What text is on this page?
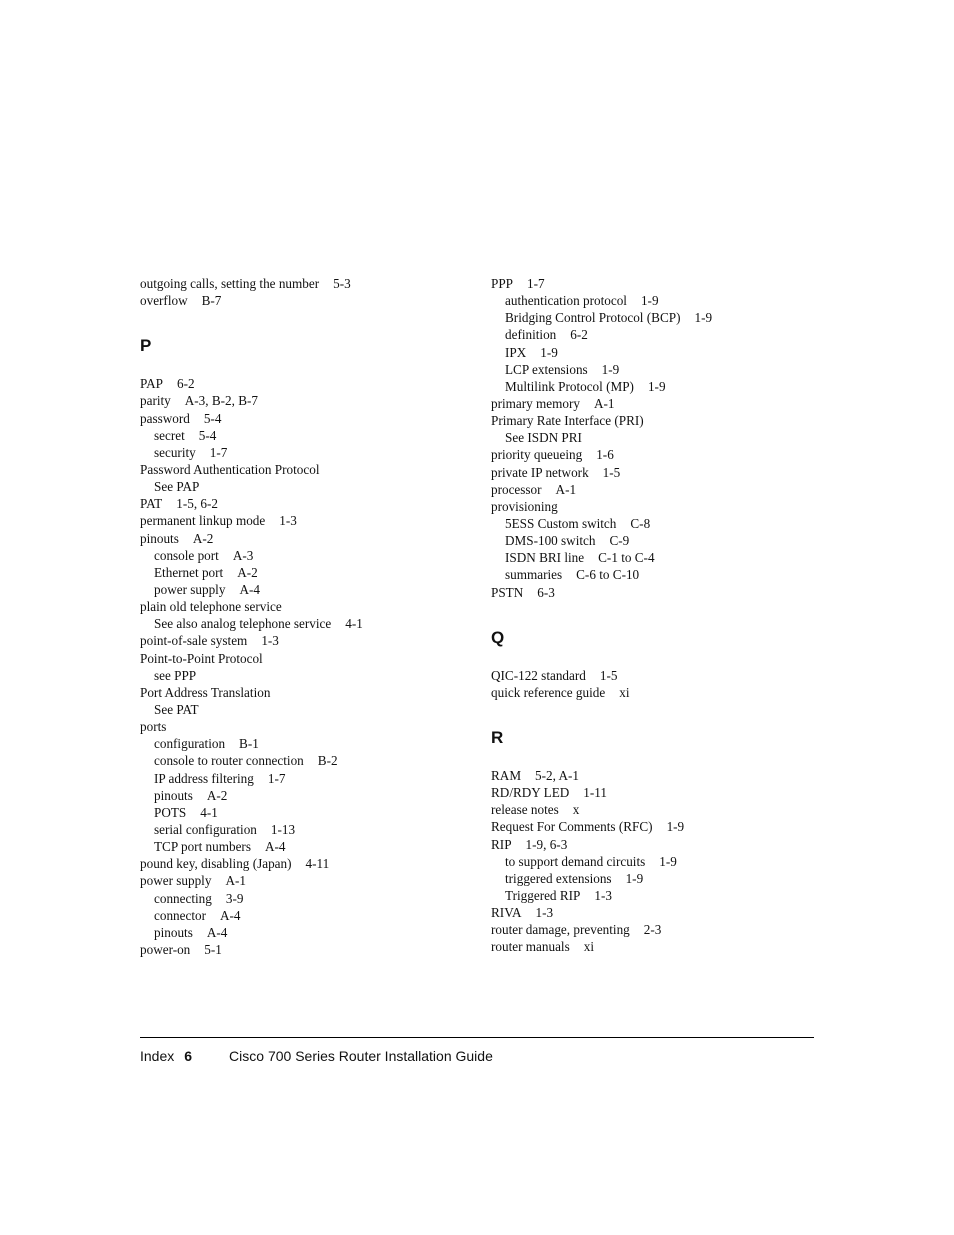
outgoing calls, setting the number 5-3
overflow B-7
P
PAP 6-2
parity A-3, B-2, B-7
password 5-4
secret 5-4
security 1-7
Password Authentication Protocol
See PAP
PAT 1-5, 6-2
permanent linkup mode 1-3
pinouts A-2
console port A-3
Ethernet port A-2
power supply A-4
plain old telephone service
See also analog telephone service 4-1
point-of-sale system 1-3
Point-to-Point Protocol
see PPP
Port Address Translation
See PAT
ports
configuration B-1
console to router connection B-2
IP address filtering 1-7
pinouts A-2
POTS 4-1
serial configuration 1-13
TCP port numbers A-4
pound key, disabling (Japan) 4-11
power supply A-1
connecting 3-9
connector A-4
pinouts A-4
power-on 5-1
PPP 1-7
authentication protocol 1-9
Bridging Control Protocol (BCP) 1-9
definition 6-2
IPX 1-9
LCP extensions 1-9
Multilink Protocol (MP) 1-9
primary memory A-1
Primary Rate Interface (PRI)
See ISDN PRI
priority queueing 1-6
private IP network 1-5
processor A-1
provisioning
5ESS Custom switch C-8
DMS-100 switch C-9
ISDN BRI line C-1 to C-4
summaries C-6 to C-10
PSTN 6-3
Q
QIC-122 standard 1-5
quick reference guide xi
R
RAM 5-2, A-1
RD/RDY LED 1-11
release notes x
Request For Comments (RFC) 1-9
RIP 1-9, 6-3
to support demand circuits 1-9
triggered extensions 1-9
Triggered RIP 1-3
RIVA 1-3
router damage, preventing 2-3
router manuals xi
Index 6	Cisco 700 Series Router Installation Guide
